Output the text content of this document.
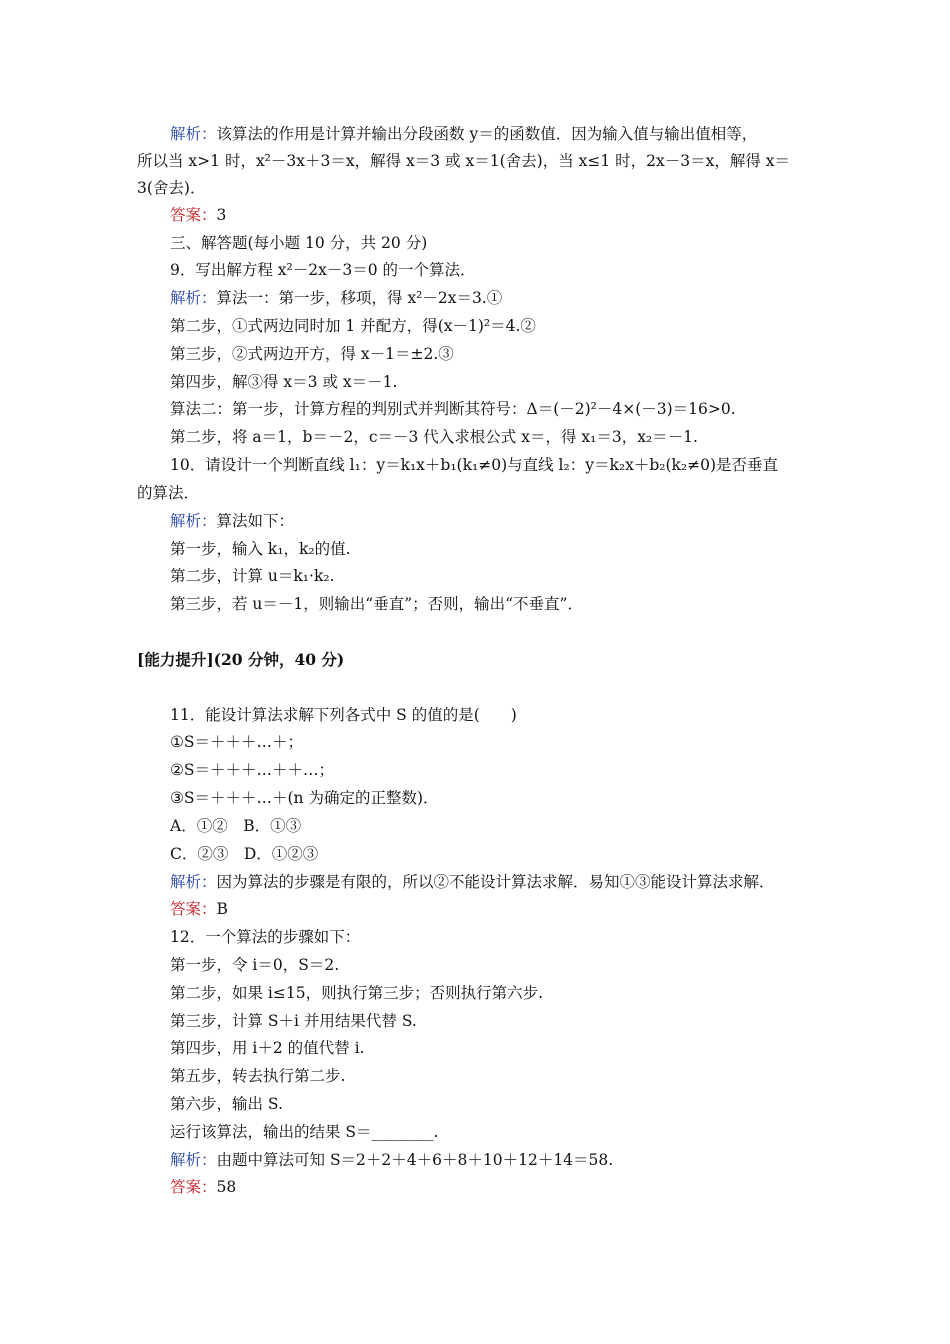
解析：该算法的作用是计算并输出分段函数 y＝的函数值．因为输入值与输出值相等，
所以当 x>1 时，x²－3x＋3＝x，解得 x＝3 或 x＝1(舍去)，当 x≤1 时，2x－3＝x，解得 x＝
3(舍去)．
答案：3
三、解答题(每小题 10 分，共 20 分)
9．写出解方程 x²－2x－3＝0 的一个算法．
解析：算法一：第一步，移项，得 x²－2x＝3.①
第二步，①式两边同时加 1 并配方，得(x－1)²＝4.②
第三步，②式两边开方，得 x－1＝±2.③
第四步，解③得 x＝3 或 x＝－1.
算法二：第一步，计算方程的判别式并判断其符号：Δ＝(－2)²－4×(－3)＝16>0.
第二步，将 a＝1，b＝－2，c＝－3 代入求根公式 x＝，得 x₁＝3，x₂＝－1.
10．请设计一个判断直线 l₁：y＝k₁x＋b₁(k₁≠0)与直线 l₂：y＝k₂x＋b₂(k₂≠0)是否垂直
的算法．
解析：算法如下：
第一步，输入 k₁，k₂的值.
第二步，计算 u＝k₁·k₂.
第三步，若 u＝－1，则输出“垂直”；否则，输出“不垂直”．
[能力提升](20 分钟，40 分)
11．能设计算法求解下列各式中 S 的值的是(　　)
①S＝＋＋＋…＋；
②S＝＋＋＋…＋＋…；
③S＝＋＋＋…＋(n 为确定的正整数)．
A．①②　B．①③
C．②③　D．①②③
解析：因为算法的步骤是有限的，所以②不能设计算法求解．易知①③能设计算法求解．
答案：B
12．一个算法的步骤如下：
第一步，令 i＝0，S＝2.
第二步，如果 i≤15，则执行第三步；否则执行第六步.
第三步，计算 S＋i 并用结果代替 S.
第四步，用 i＋2 的值代替 i.
第五步，转去执行第二步.
第六步，输出 S.
运行该算法，输出的结果 S＝________.
解析：由题中算法可知 S＝2＋2＋4＋6＋8＋10＋12＋14＝58.
答案：58
